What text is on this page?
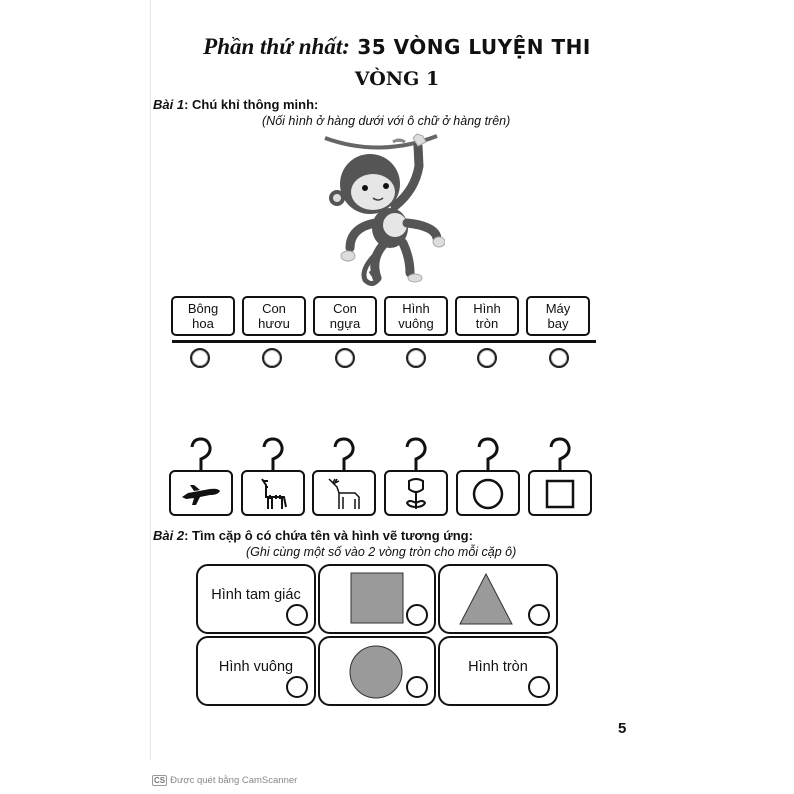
Phần thứ nhất: 35 VÒNG LUYỆN THI
VÒNG 1
Bài 1: Chú khỉ thông minh:
(Nối hình ở hàng dưới với ô chữ ở hàng trên)
Bông
hoa
Con
hươu
Con
ngựa
Hình
vuông
Hình
tròn
Máy
bay
Bài 2: Tìm cặp ô có chứa tên và hình vẽ tương ứng:
(Ghi cùng một số vào 2 vòng tròn cho mỗi cặp ô)
Hình tam giác
Hình vuông	Hình tròn
5
CS Được quét bằng CamScanner
